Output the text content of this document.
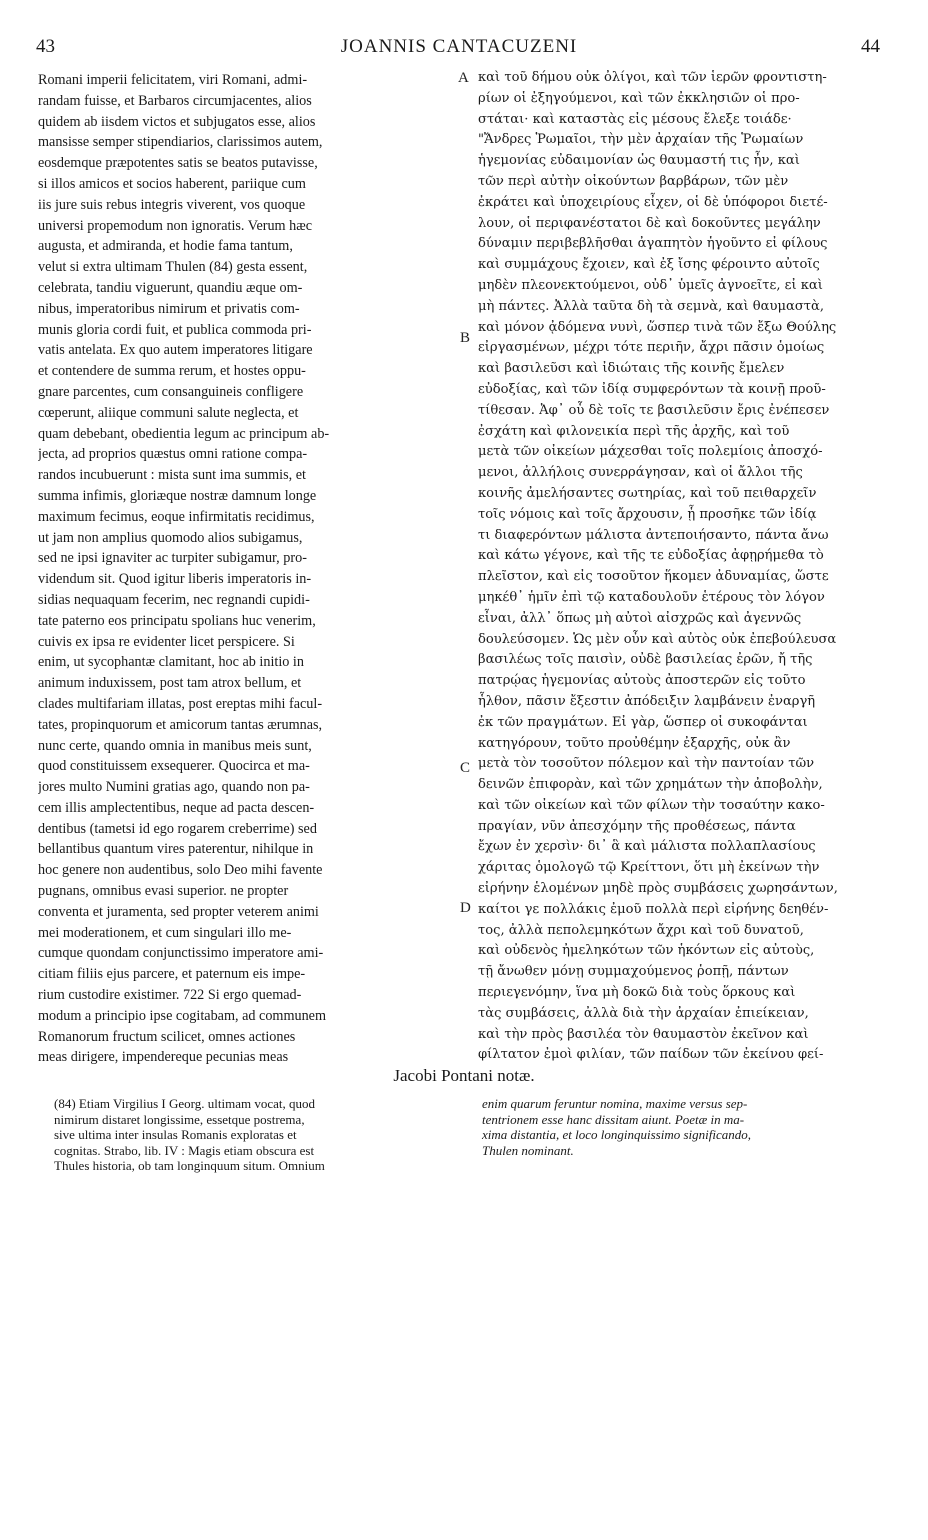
43	JOANNIS CANTACUZENI	44
Romani imperii felicitatem, viri Romani, admi-
randam fuisse, et Barbaros circumjacentes, alios
quidem ab iisdem victos et subjugatos esse, alios
mansisse semper stipendiarios, clarissimos autem,
eosdemque præpotentes satis se beatos putavisse,
si illos amicos et socios haberent, pariique cum
iis jure suis rebus integris viverent, vos quoque
universi propemodum non ignoratis. Verum hæc
augusta, et admiranda, et hodie fama tantum,
velut si extra ultimam Thulen (84) gesta essent,
celebrata, tandiu viguerunt, quandiu æque om-
nibus, imperatoribus nimirum et privatis com-
munis gloria cordi fuit, et publica commoda pri-
vatis antelata. Ex quo autem imperatores litigare
et contendere de summa rerum, et hostes oppu-
gnare parcentes, cum consanguineis confligere
cœperunt, aliique communi salute neglecta, et
quam debebant, obedientia legum ac principum ab-
jecta, ad proprios quæstus omni ratione compa-
randos incubuerunt : mista sunt ima summis, et
summa infimis, gloriæque nostræ damnum longe
maximum fecimus, eoque infirmitatis recidimus,
ut jam non amplius quomodo alios subigamus,
sed ne ipsi ignaviter ac turpiter subigamur, pro-
videndum sit. Quod igitur liberis imperatoris in-
sidias nequaquam fecerim, nec regnandi cupidi-
tate paterno eos principatu spolians huc venerim,
cuivis ex ipsa re evidenter licet perspicere. Si
enim, ut sycophantæ clamitant, hoc ab initio in
animum induxissem, post tam atrox bellum, et
clades multifariam illatas, post ereptas mihi facul-
tates, propinquorum et amicorum tantas ærumnas,
nunc certe, quando omnia in manibus meis sunt,
quod constituissem exsequerer. Quocirca et ma-
jores multo Numini gratias ago, quando non pa-
cem illis amplectentibus, neque ad pacta descen-
dentibus (tametsi id ego rogarem creberrime) sed
bellantibus quantum vires paterentur, nihilque in
hoc genere non audentibus, solo Deo mihi favente
pugnans, omnibus evasi superior. ne propter
conventa et juramenta, sed propter veterem animi
mei moderationem, et cum singulari illo me-
cumque quondam conjunctissimo imperatore ami-
citiam filiis ejus parcere, et paternum eis impe-
rium custodire existimer. 722 Si ergo quemad-
modum a principio ipse cogitabam, ad communem
Romanorum fructum scilicet, omnes actiones
meas dirigere, impendereque pecunias meas

A
B
C
D
καὶ τοῦ δήμου οὐκ ὀλίγοι, καὶ τῶν ἱερῶν φροντιστη-
ρίων οἱ ἐξηγούμενοι, καὶ τῶν ἐκκλησιῶν οἱ προ-
στάται· καὶ καταστὰς εἰς μέσους ἔλεξε τοιάδε·
"Ἄνδρες Ῥωμαῖοι, τὴν μὲν ἀρχαίαν τῆς Ῥωμαίων
ἡγεμονίας εὐδαιμονίαν ὡς θαυμαστή τις ἦν, καὶ
τῶν περὶ αὐτὴν οἰκούντων βαρβάρων, τῶν μὲν
ἐκράτει καὶ ὑποχειρίους εἶχεν, οἱ δὲ ὑπόφοροι διετέ-
λουν, οἱ περιφανέστατοι δὲ καὶ δοκοῦντες μεγάλην
δύναμιν περιβεβλῆσθαι ἀγαπητὸν ἡγοῦντο εἰ φίλους
καὶ συμμάχους ἔχοιεν, καὶ ἐξ ἴσης φέροιντο αὐτοῖς
μηδὲν πλεονεκτούμενοι, οὐδ᾽ ὑμεῖς ἀγνοεῖτε, εἰ καὶ
μὴ πάντες. Ἀλλὰ ταῦτα δὴ τὰ σεμνὰ, καὶ θαυμαστὰ,
καὶ μόνον ᾀδόμενα νυνὶ, ὥσπερ τινὰ τῶν ἔξω Θούλης
εἰργασμένων, μέχρι τότε περιῆν, ἄχρι πᾶσιν ὁμοίως
καὶ βασιλεῦσι καὶ ἰδιώταις τῆς κοινῆς ἔμελεν
εὐδοξίας, καὶ τῶν ἰδίᾳ συμφερόντων τὰ κοινῇ προῦ-
τίθεσαν. Ἀφ᾽ οὗ δὲ τοῖς τε βασιλεῦσιν ἔρις ἐνέπεσεν
ἐσχάτη καὶ φιλονεικία περὶ τῆς ἀρχῆς, καὶ τοῦ
μετὰ τῶν οἰκείων μάχεσθαι τοῖς πολεμίοις ἀποσχό-
μενοι, ἀλλήλοις συνερράγησαν, καὶ οἱ ἄλλοι τῆς
κοινῆς ἀμελήσαντες σωτηρίας, καὶ τοῦ πειθαρχεῖν
τοῖς νόμοις καὶ τοῖς ἄρχουσιν, ᾗ προσῆκε τῶν ἰδίᾳ
τι διαφερόντων μάλιστα ἀντεποιήσαντο, πάντα ἄνω
καὶ κάτω γέγονε, καὶ τῆς τε εὐδοξίας ἀφῃρήμεθα τὸ
πλεῖστον, καὶ εἰς τοσοῦτον ἥκομεν ἀδυναμίας, ὥστε
μηκέθ᾽ ἡμῖν ἐπὶ τῷ καταδουλοῦν ἑτέρους τὸν λόγον
εἶναι, ἀλλ᾽ ὅπως μὴ αὐτοὶ αἰσχρῶς καὶ ἀγεννῶς
δουλεύσομεν. Ὡς μὲν οὖν καὶ αὐτὸς οὐκ ἐπεβούλευσα
βασιλέως τοῖς παισὶν, οὐδὲ βασιλείας ἐρῶν, ἤ τῆς
πατρῴας ἡγεμονίας αὐτοὺς ἀποστερῶν εἰς τοῦτο
ἧλθον, πᾶσιν ἔξεστιν ἀπόδειξιν λαμβάνειν ἐναργῆ
ἐκ τῶν πραγμάτων. Εἰ γὰρ, ὥσπερ οἱ συκοφάνται
κατηγόρουν, τοῦτο προὐθέμην ἐξαρχῆς, οὐκ ἂν
μετὰ τὸν τοσοῦτον πόλεμον καὶ τὴν παντοίαν τῶν
δεινῶν ἐπιφορὰν, καὶ τῶν χρημάτων τὴν ἀποβολὴν,
καὶ τῶν οἰκείων καὶ τῶν φίλων τὴν τοσαύτην κακο-
πραγίαν, νῦν ἀπεσχόμην τῆς προθέσεως, πάντα
ἔχων ἐν χερσὶν· δι᾽ ἃ καὶ μάλιστα πολλαπλασίους
χάριτας ὁμολογῶ τῷ Κρείττονι, ὅτι μὴ ἐκείνων τὴν
εἰρήνην ἑλομένων μηδὲ πρὸς συμβάσεις χωρησάντων,
καίτοι γε πολλάκις ἐμοῦ πολλὰ περὶ εἰρήνης δεηθέν-
τος, ἀλλὰ πεπολεμηκότων ἄχρι καὶ τοῦ δυνατοῦ,
καὶ οὐδενὸς ἠμεληκότων τῶν ἡκόντων εἰς αὐτοὺς,
τῇ ἄνωθεν μόνῃ συμμαχούμενος ῥοπῇ, πάντων
περιεγενόμην, ἵνα μὴ δοκῶ διὰ τοὺς ὅρκους καὶ
τὰς συμβάσεις, ἀλλὰ διὰ τὴν ἀρχαίαν ἐπιείκειαν,
καὶ τὴν πρὸς βασιλέα τὸν θαυμαστὸν ἐκεῖνον καὶ
φίλτατον ἐμοὶ φιλίαν, τῶν παίδων τῶν ἐκείνου φεί-

Jacobi Pontani notæ.
(84) Etiam Virgilius I Georg. ultimam vocat, quod
nimirum distaret longissime, essetque postrema,
sive ultima inter insulas Romanis exploratas et
cognitas. Strabo, lib. IV : Magis etiam obscura est
Thules historia, ob tam longinquum situm. Omnium
enim quarum feruntur nomina, maxime versus sep-
tentrionem esse hanc dissitam aiunt. Poetæ in ma-
xima distantia, et loco longinquissimo significando,
Thulen nominant.
